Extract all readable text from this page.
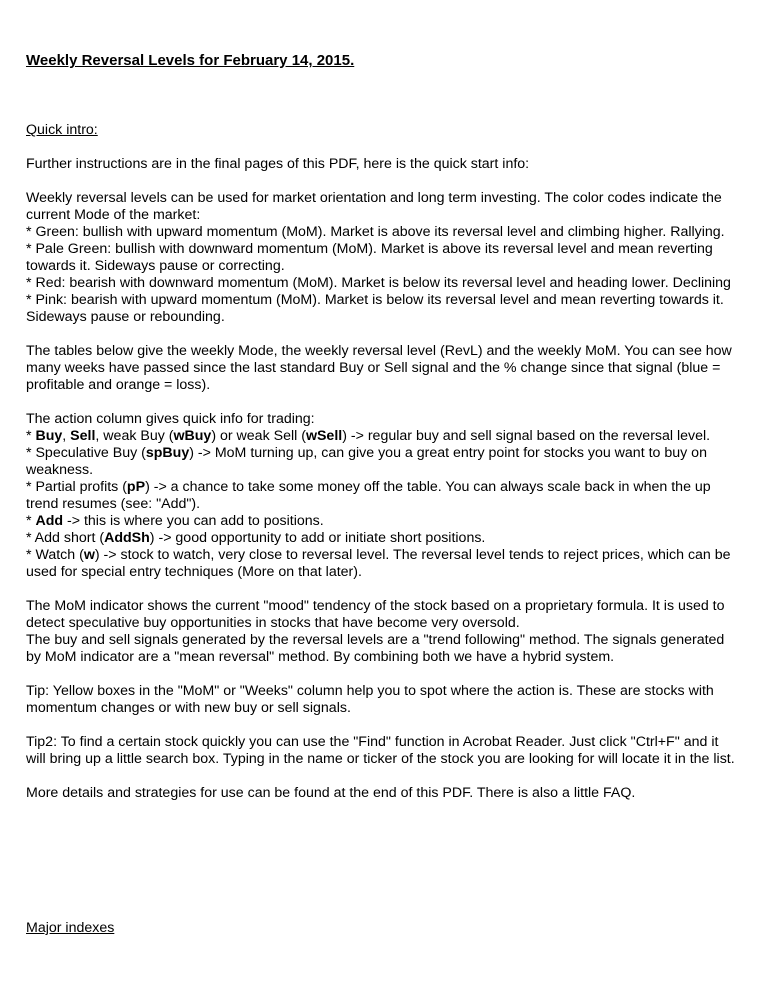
Weekly Reversal Levels for February 14, 2015.
Quick intro:
Further instructions are in the final pages of this PDF, here is the quick start info:
Weekly reversal levels can be used for market orientation and long term investing. The color codes indicate the current Mode of the market:
* Green: bullish with upward momentum (MoM). Market is above its reversal level and climbing higher. Rallying.
* Pale Green: bullish with downward momentum (MoM). Market is above its reversal level and mean reverting towards it. Sideways pause or correcting.
* Red: bearish with downward momentum (MoM). Market is below its reversal level and heading lower. Declining
* Pink: bearish with upward momentum (MoM). Market is below its reversal level and mean reverting towards it. Sideways pause or rebounding.
The tables below give the weekly Mode, the weekly reversal level (RevL) and the weekly MoM. You can see how many weeks have passed since the last standard Buy or Sell signal and the % change since that signal (blue = profitable and orange = loss).
The action column gives quick info for trading:
* Buy, Sell, weak Buy (wBuy) or weak Sell (wSell) -> regular buy and sell signal based on the reversal level.
* Speculative Buy (spBuy) -> MoM turning up, can give you a great entry point for stocks you want to buy on weakness.
* Partial profits (pP) -> a chance to take some money off the table. You can always scale back in when the up trend resumes (see: "Add").
* Add -> this is where you can add to positions.
* Add short (AddSh) -> good opportunity to add or initiate short positions.
* Watch (w) -> stock to watch, very close to reversal level. The reversal level tends to reject prices, which can be used for special entry techniques (More on that later).
The MoM indicator shows the current "mood" tendency of the stock based on a proprietary formula. It is used to detect speculative buy opportunities in stocks that have become very oversold.
The buy and sell signals generated by the reversal levels are a "trend following" method. The signals generated by MoM indicator are a "mean reversal" method. By combining both we have a hybrid system.
Tip: Yellow boxes in the "MoM" or "Weeks" column help you to spot where the action is. These are stocks with momentum changes or with new buy or sell signals.
Tip2: To find a certain stock quickly you can use the "Find" function in Acrobat Reader. Just click "Ctrl+F" and it will bring up a little search box. Typing in the name or ticker of the stock you are looking for will locate it in the list.
More details and strategies for use can be found at the end of this PDF. There is also a little FAQ.
Major indexes
